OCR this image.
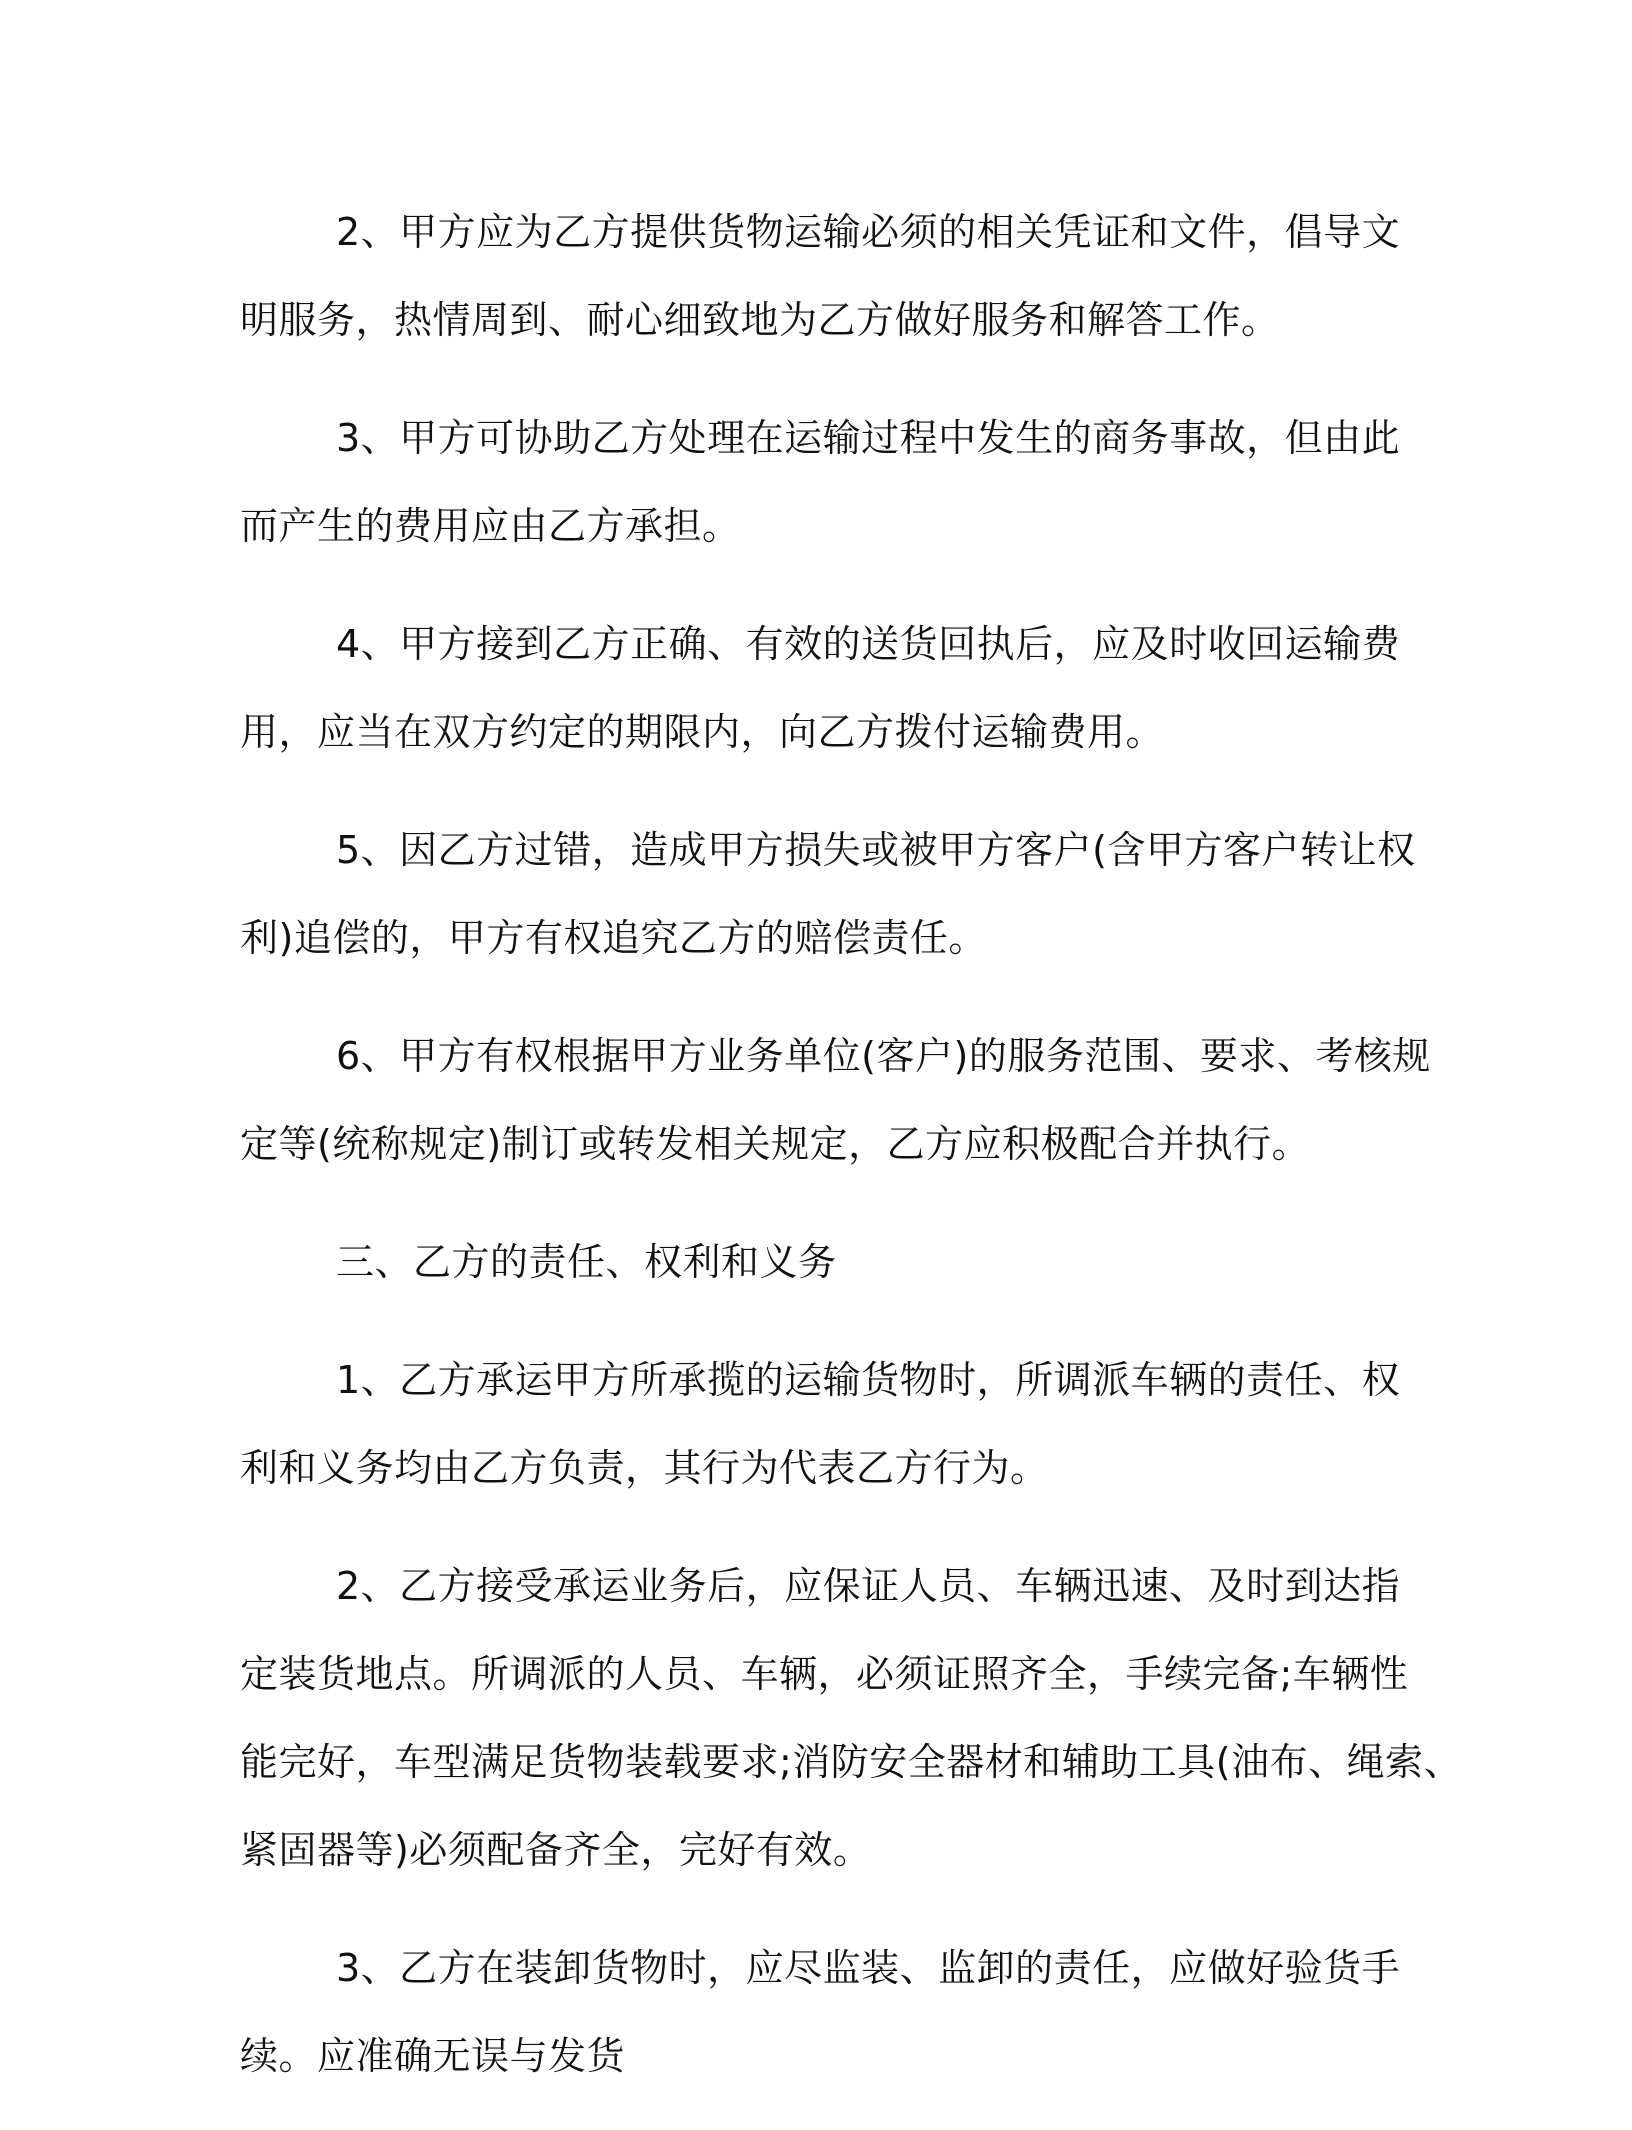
2、甲方应为乙方提供货物运输必须的相关凭证和文件，倡导文
明服务，热情周到、耐心细致地为乙方做好服务和解答工作。
3、甲方可协助乙方处理在运输过程中发生的商务事故，但由此
而产生的费用应由乙方承担。
4、甲方接到乙方正确、有效的送货回执后，应及时收回运输费
用，应当在双方约定的期限内，向乙方拨付运输费用。
5、因乙方过错，造成甲方损失或被甲方客户(含甲方客户转让权
利)追偿的，甲方有权追究乙方的赔偿责任。
6、甲方有权根据甲方业务单位(客户)的服务范围、要求、考核规
定等(统称规定)制订或转发相关规定，乙方应积极配合并执行。
三、乙方的责任、权利和义务
1、乙方承运甲方所承揽的运输货物时，所调派车辆的责任、权
利和义务均由乙方负责，其行为代表乙方行为。
2、乙方接受承运业务后，应保证人员、车辆迅速、及时到达指
定装货地点。所调派的人员、车辆，必须证照齐全，手续完备;车辆性
能完好，车型满足货物装载要求;消防安全器材和辅助工具(油布、绳索、
紧固器等)必须配备齐全，完好有效。
3、乙方在装卸货物时，应尽监装、监卸的责任，应做好验货手
续。应准确无误与发货
